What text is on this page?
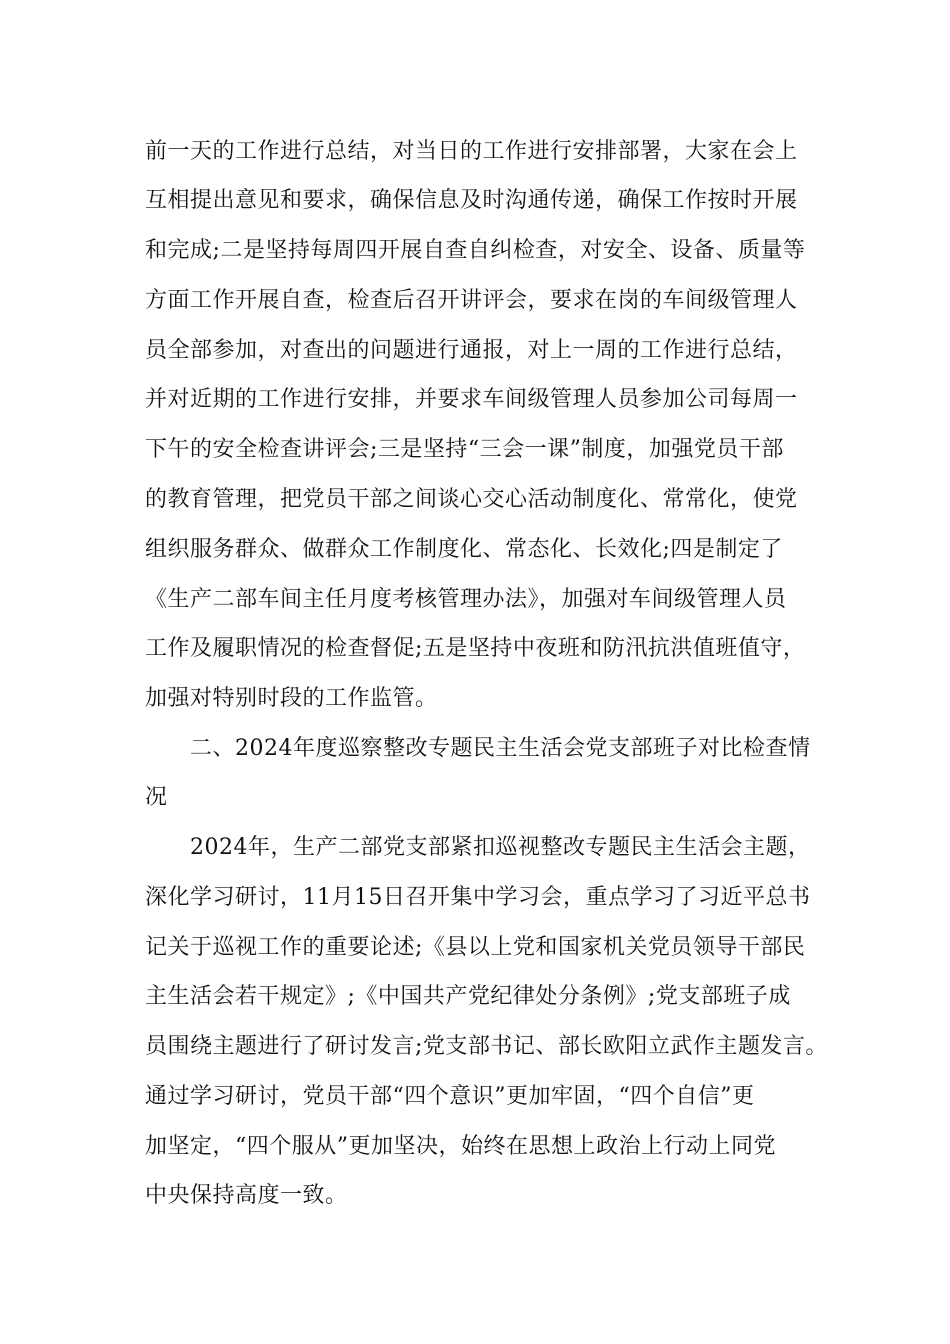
前一天的工作进行总结，对当日的工作进行安排部署，大家在会上
互相提出意见和要求，确保信息及时沟通传递，确保工作按时开展
和完成;二是坚持每周四开展自查自纠检查，对安全、设备、质量等
方面工作开展自查，检查后召开讲评会，要求在岗的车间级管理人
员全部参加，对查出的问题进行通报，对上一周的工作进行总结，
并对近期的工作进行安排，并要求车间级管理人员参加公司每周一
下午的安全检查讲评会;三是坚持“三会一课”制度，加强党员干部
的教育管理，把党员干部之间谈心交心活动制度化、常常化，使党
组织服务群众、做群众工作制度化、常态化、长效化;四是制定了
《生产二部车间主任月度考核管理办法》，加强对车间级管理人员
工作及履职情况的检查督促;五是坚持中夜班和防汛抗洪值班值守，
加强对特别时段的工作监管。
二、2024年度巡察整改专题民主生活会党支部班子对比检查情
况
2024年，生产二部党支部紧扣巡视整改专题民主生活会主题，
深化学习研讨，11月15日召开集中学习会，重点学习了习近平总书
记关于巡视工作的重要论述;《县以上党和国家机关党员领导干部民
主生活会若干规定》;《中国共产党纪律处分条例》;党支部班子成
员围绕主题进行了研讨发言;党支部书记、部长欧阳立武作主题发言。
通过学习研讨，党员干部“四个意识”更加牢固，“四个自信”更
加坚定，“四个服从”更加坚决，始终在思想上政治上行动上同党
中央保持高度一致。
